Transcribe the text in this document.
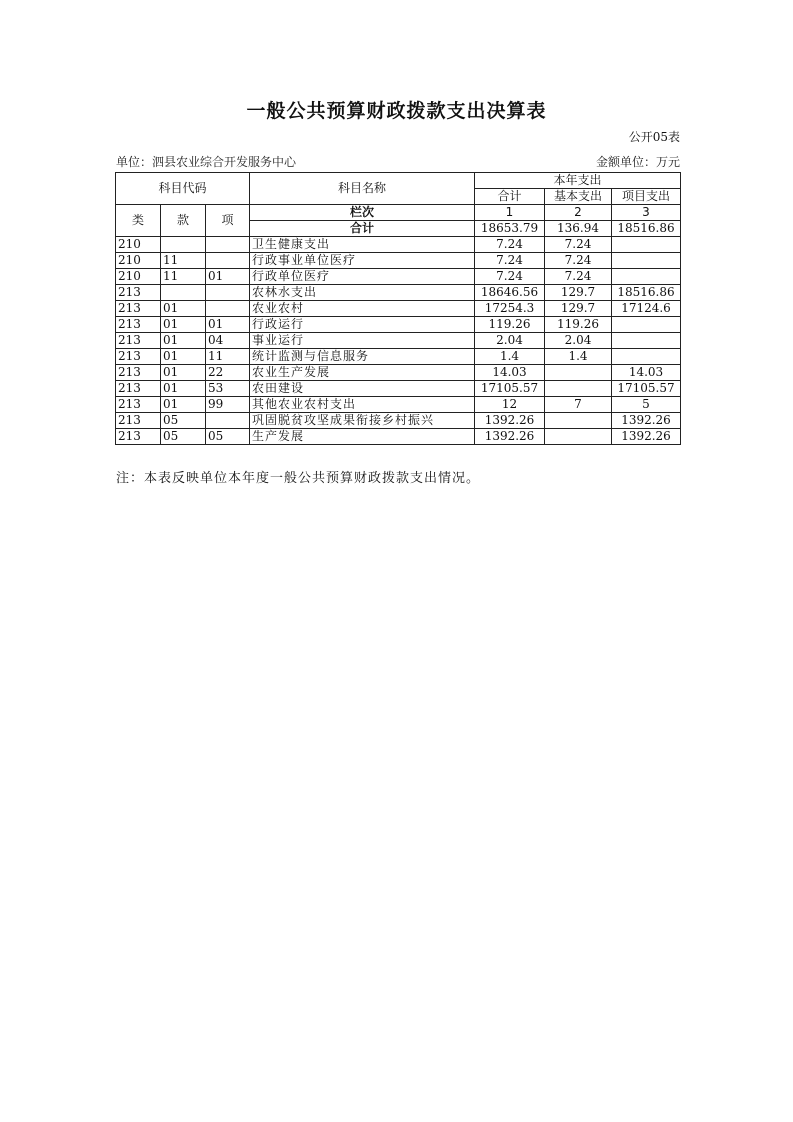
一般公共预算财政拨款支出决算表
公开05表
单位：泗县农业综合开发服务中心	金额单位：万元
科目代码			科目名称	本年支出		
				合计	基本支出	项目支出
类	款	项	栏次	1	2	3
			合计	18653.79	136.94	18516.86
210			卫生健康支出	7.24	7.24	
210	11		行政事业单位医疗	7.24	7.24	
210	11	01	行政单位医疗	7.24	7.24	
213			农林水支出	18646.56	129.7	18516.86
213	01		农业农村	17254.3	129.7	17124.6
213	01	01	行政运行	119.26	119.26	
213	01	04	事业运行	2.04	2.04	
213	01	11	统计监测与信息服务	1.4	1.4	
213	01	22	农业生产发展	14.03		14.03
213	01	53	农田建设	17105.57		17105.57
213	01	99	其他农业农村支出	12	7	5
213	05		巩固脱贫攻坚成果衔接乡村振兴	1392.26		1392.26
213	05	05	生产发展	1392.26		1392.26
注：本表反映单位本年度一般公共预算财政拨款支出情况。
